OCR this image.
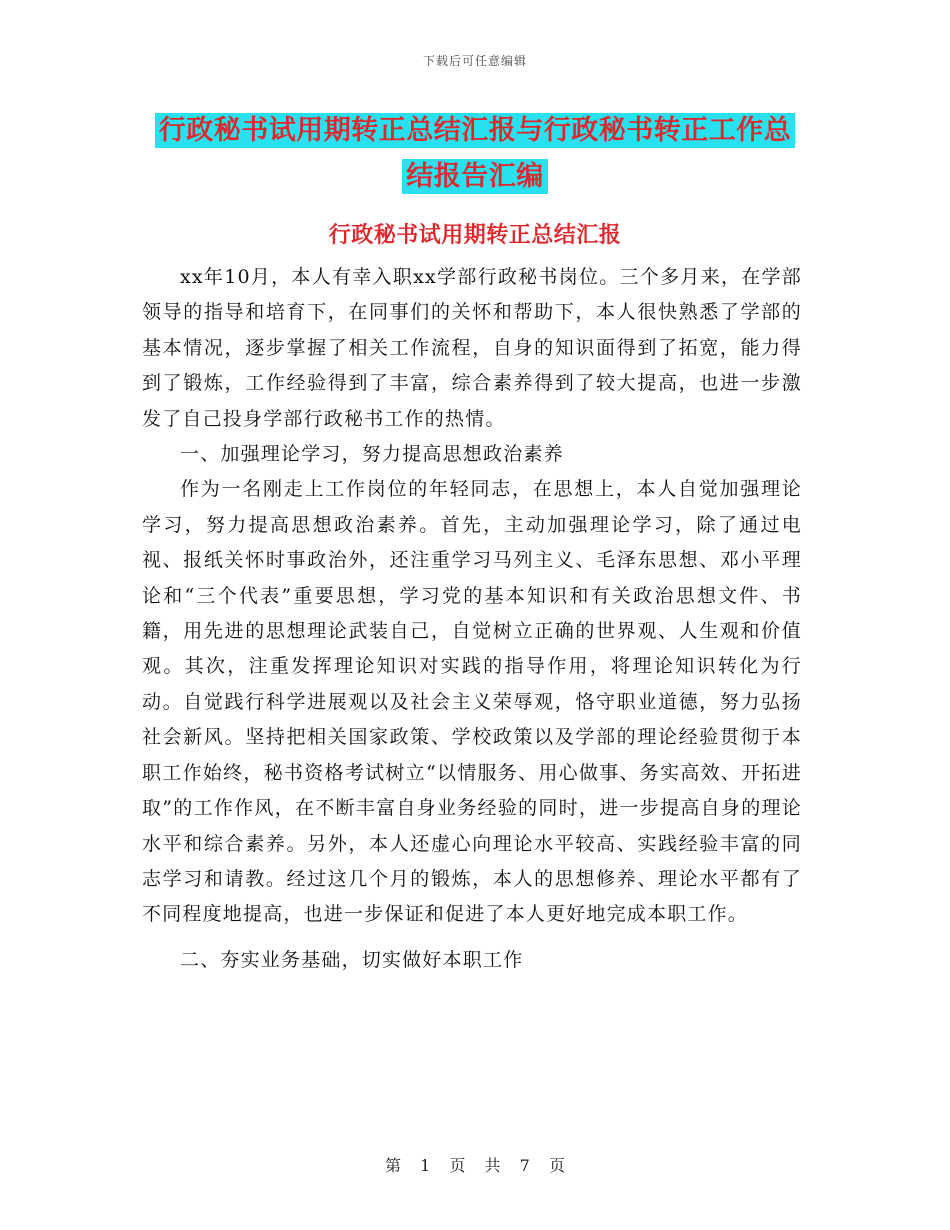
下载后可任意编辑
行政秘书试用期转正总结汇报与行政秘书转正工作总
结报告汇编
行政秘书试用期转正总结汇报

xx年10月，本人有幸入职xx学部行政秘书岗位。三个多月来，在学部领导的指导和培育下，在同事们的关怀和帮助下，本人很快熟悉了学部的基本情况，逐步掌握了相关工作流程，自身的知识面得到了拓宽，能力得到了锻炼，工作经验得到了丰富，综合素养得到了较大提高，也进一步激发了自己投身学部行政秘书工作的热情。

一、加强理论学习，努力提高思想政治素养

作为一名刚走上工作岗位的年轻同志，在思想上，本人自觉加强理论学习，努力提高思想政治素养。首先，主动加强理论学习，除了通过电视、报纸关怀时事政治外，还注重学习马列主义、毛泽东思想、邓小平理论和“三个代表”重要思想，学习党的基本知识和有关政治思想文件、书籍，用先进的思想理论武装自己，自觉树立正确的世界观、人生观和价值观。其次，注重发挥理论知识对实践的指导作用，将理论知识转化为行动。自觉践行科学进展观以及社会主义荣辱观，恪守职业道德，努力弘扬社会新风。坚持把相关国家政策、学校政策以及学部的理论经验贯彻于本职工作始终，秘书资格考试树立“以情服务、用心做事、务实高效、开拓进取”的工作作风，在不断丰富自身业务经验的同时，进一步提高自身的理论水平和综合素养。另外，本人还虚心向理论水平较高、实践经验丰富的同志学习和请教。经过这几个月的锻炼，本人的思想修养、理论水平都有了不同程度地提高，也进一步保证和促进了本人更好地完成本职工作。

二、夯实业务基础，切实做好本职工作

第 1 页 共 7 页
